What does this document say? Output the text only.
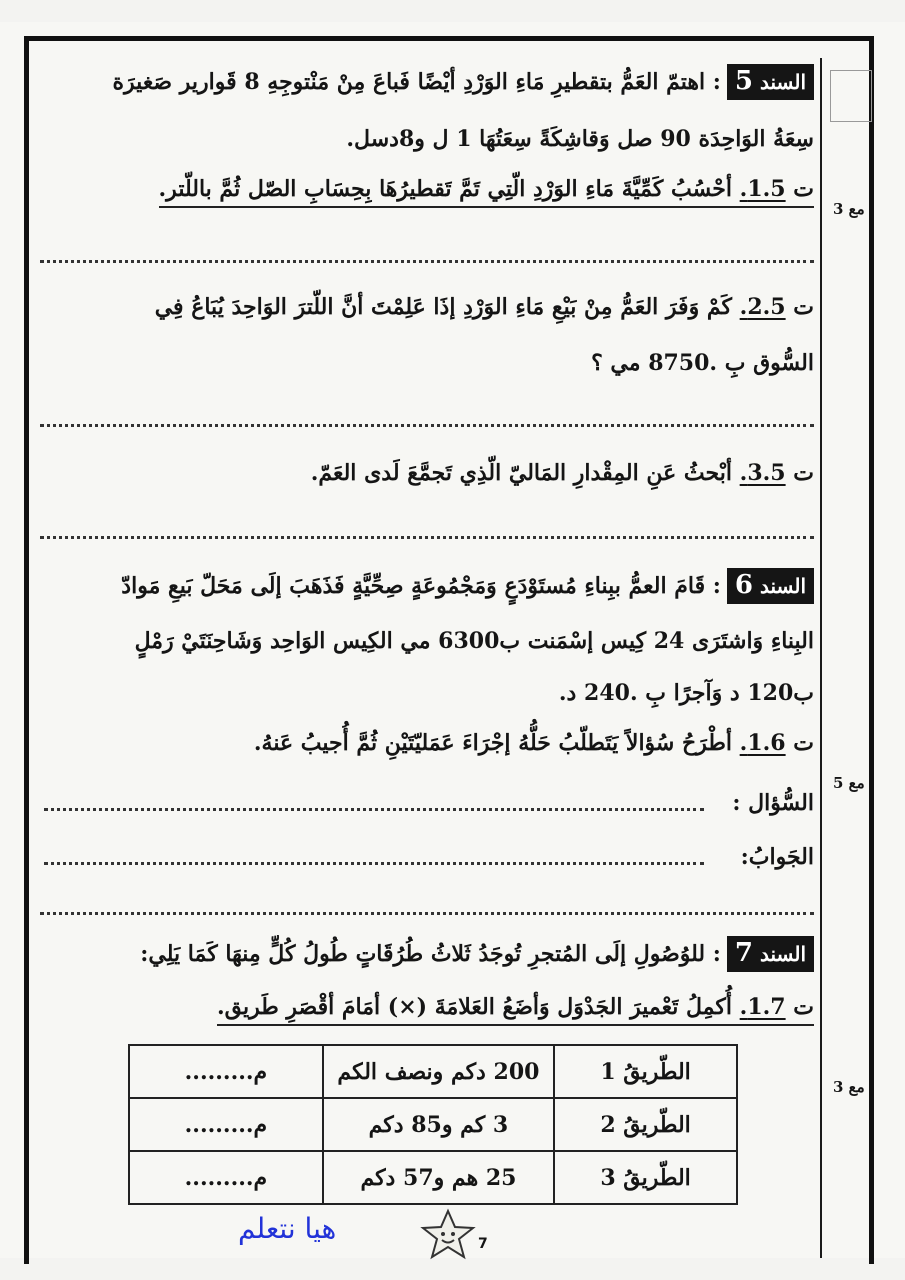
مع 3
مع 5
مع 3
السند 5: اهتمّ العَمُّ بتقطيرِ مَاءِ الوَرْدِ أيْضًا فَباعَ مِنْ مَنْتوجِهِ 8 قَوارير صَغيرَة
سِعَةُ الوَاحِدَة 90 صل وَقاشِكَةً سِعَتُهَا 1 ل و8دسل.
ت 1.5. أحْسُبُ كَمِّيَّةَ مَاءِ الوَرْدِ الّتِي تَمَّ تَقطيرُهَا بِحِسَابِ الصّل ثُمَّ باللّتر.
ت 2.5. كَمْ وَفَرَ العَمُّ مِنْ بَيْعِ مَاءِ الوَرْدِ إذَا عَلِمْتَ أنَّ اللّترَ الوَاحِدَ يُبَاعُ فِي
السُّوق بِ .8750 مي ؟
ت 3.5. أبْحثُ عَنِ المِقْدارِ المَاليّ الّذِي تَجمَّعَ لَدى العَمّ.
السند 6: قَامَ العمُّ ببِناءِ مُستَوْدَعٍ وَمَجْمُوعَةٍ صِحِّيَّةٍ فَذَهَبَ إلَى مَحَلّ بَيعِ مَوادّ
البِناءِ وَاشتَرَى 24 كِيس إسْمَنت ب6300 مي الكِيس الوَاحِد وَشَاحِنَتَيْ رَمْلٍ
ب120 د وَآجرًا بِ .240 د.
ت 1.6. أطْرَحُ سُؤالاً يَتَطلّبُ حَلُّهُ إجْرَاءَ عَمَليّتَيْنِ ثُمَّ أُجيبُ عَنهُ.
السُّؤال :
الجَوابُ:
السند 7: للوُصُولِ إلَى المُتجرِ تُوجَدُ ثَلاثُ طُرُقَاتٍ طُولُ كُلٍّ مِنهَا كَمَا يَلِي:
ت 1.7. أُكمِلُ تَعْميرَ الجَدْوَل وَأضَعُ العَلامَةَ (×) أمَامَ أقْصَرِ طَريق.
الطّريقُ 1	200 دكم ونصف الكم	م.........
الطّريقُ 2	3 كم و85 دكم	م.........
الطّريقُ 3	25 هم و57 دكم	م.........
هيا نتعلم	7
